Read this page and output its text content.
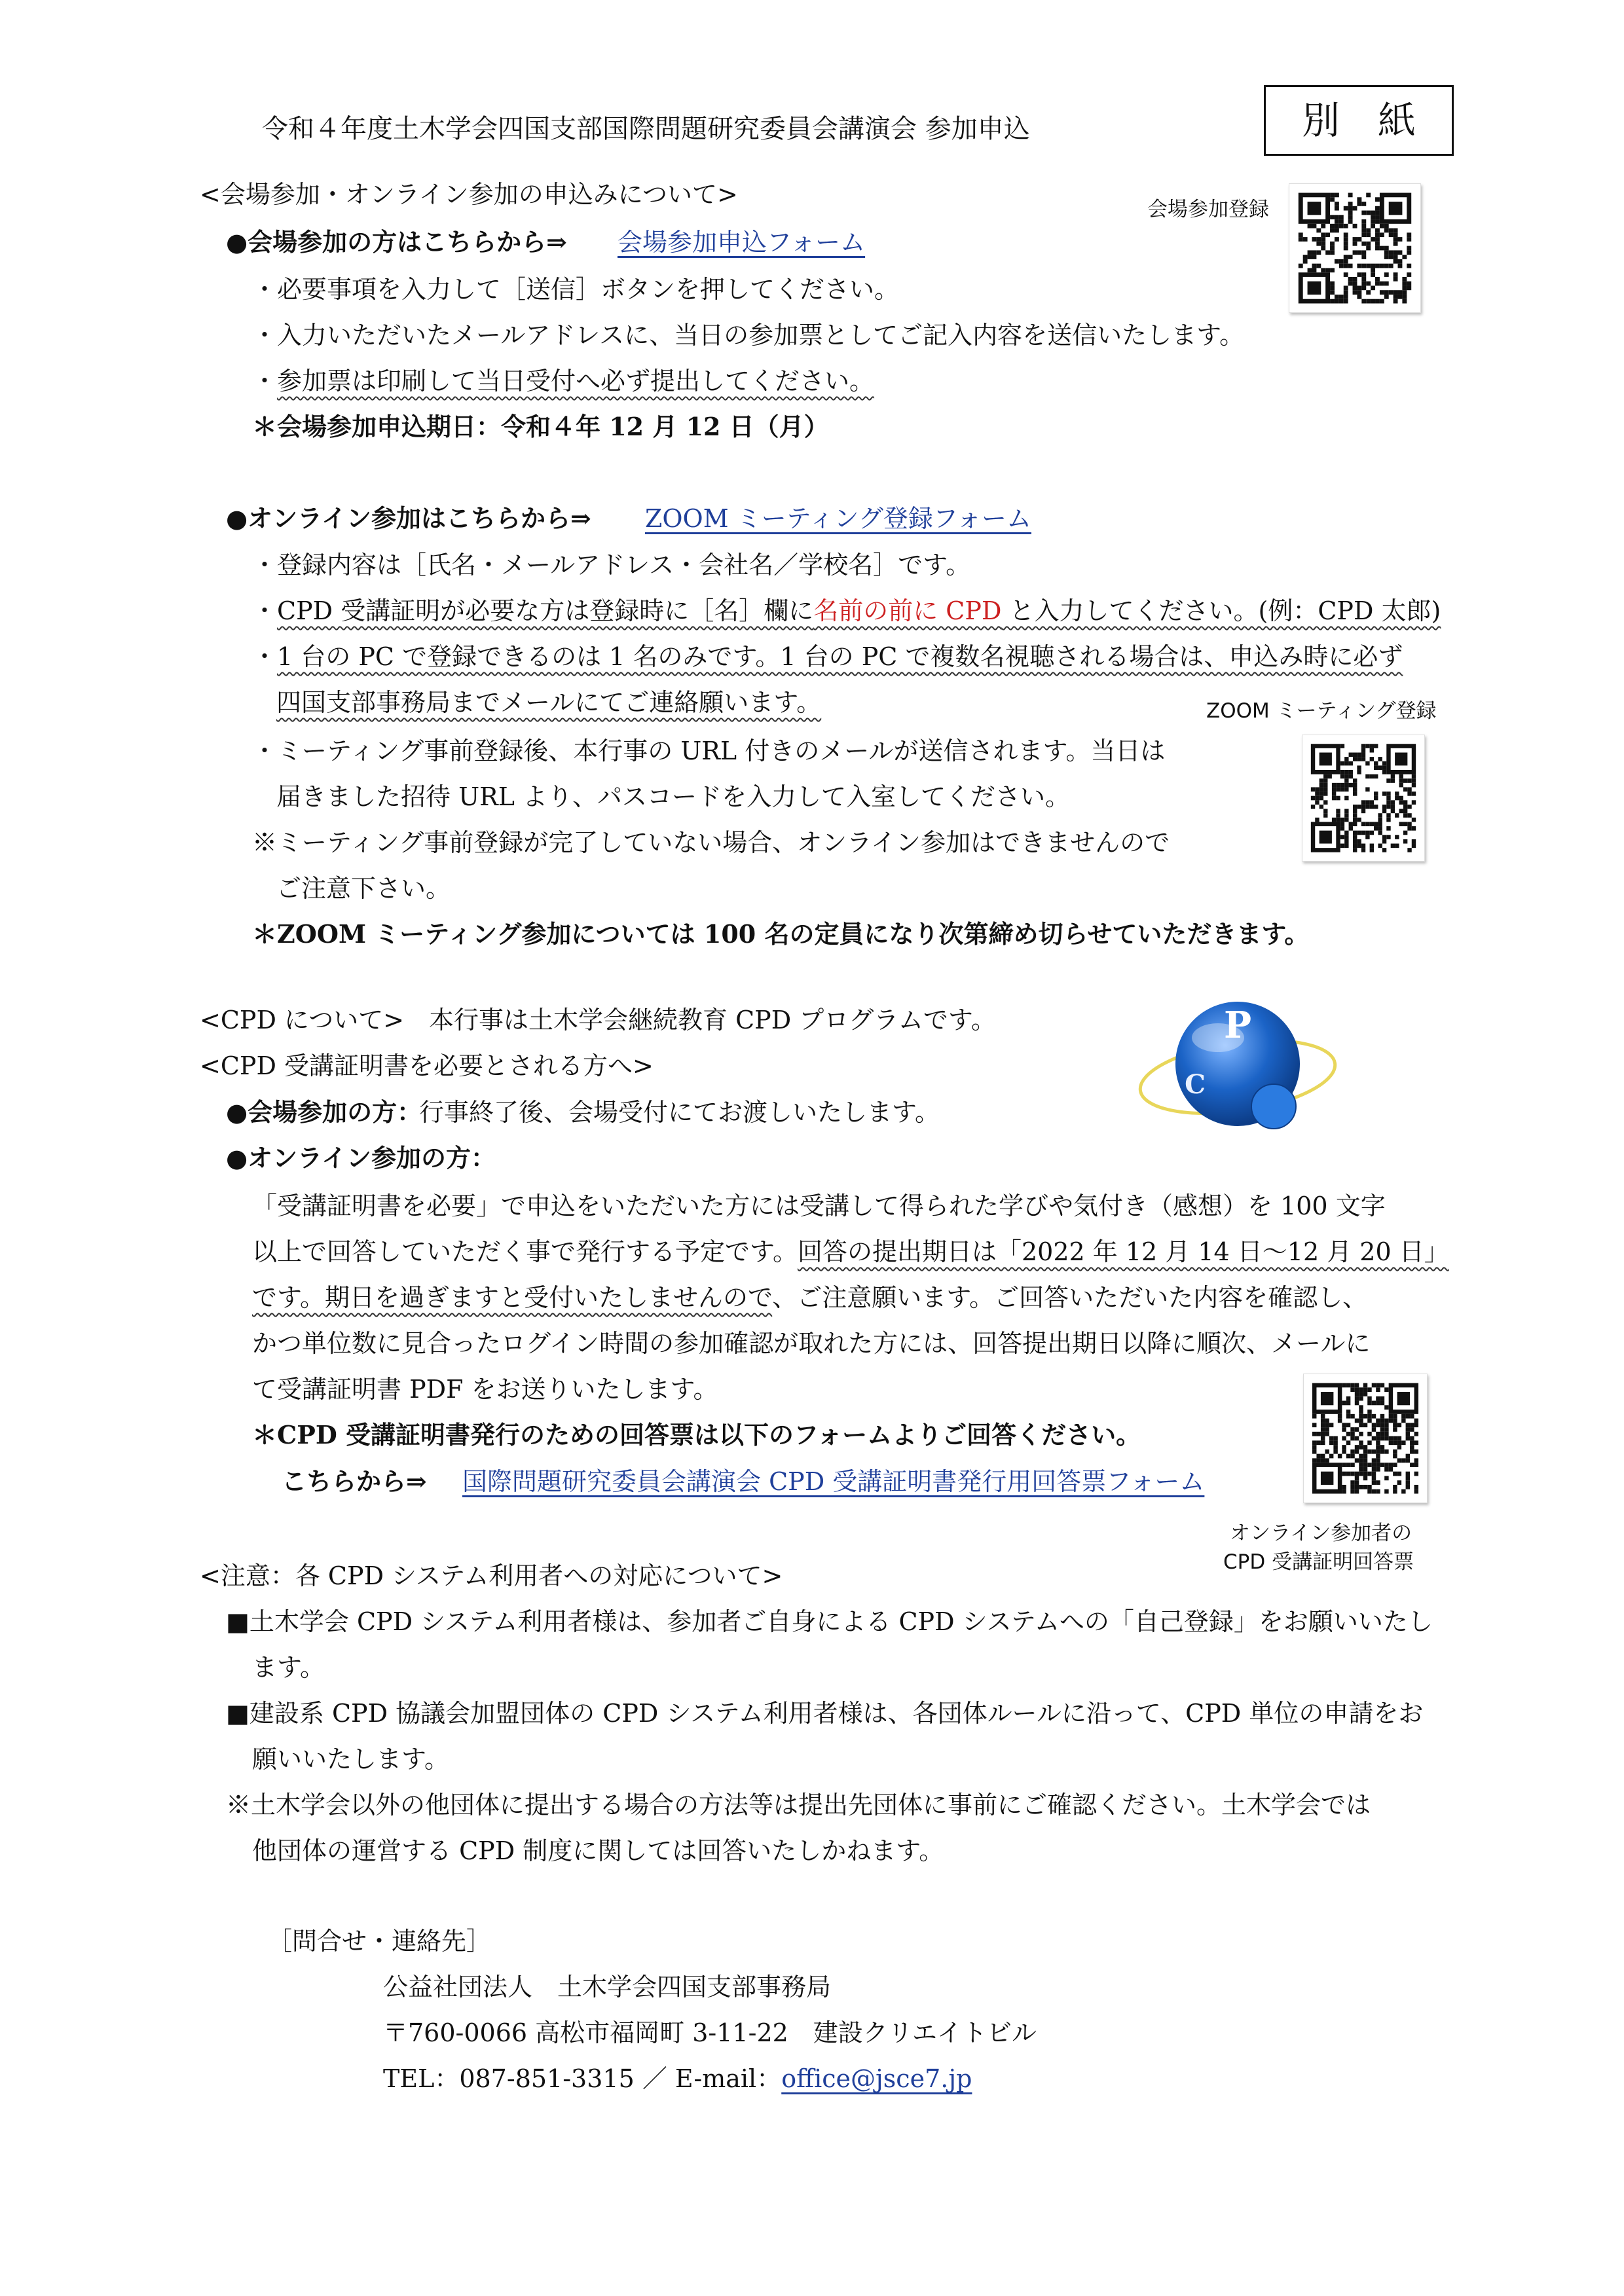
令和４年度土木学会四国支部国際問題研究委員会講演会 参加申込	別　紙
<会場参加・オンライン参加の申込みについて>
会場参加登録
●会場参加の方はこちらから⇒ 会場参加申込フォーム
・必要事項を入力して［送信］ボタンを押してください。
・入力いただいたメールアドレスに、当日の参加票としてご記入内容を送信いたします。
・参加票は印刷して当日受付へ必ず提出してください。
＊会場参加申込期日：令和４年 12 月 12 日（月）
●オンライン参加はこちらから⇒ ZOOM ミーティング登録フォーム
・登録内容は［氏名・メールアドレス・会社名／学校名］です。
・CPD 受講証明が必要な方は登録時に［名］欄に名前の前に CPD と入力してください。(例：CPD 太郎)
・1 台の PC で登録できるのは 1 名のみです。1 台の PC で複数名視聴される場合は、申込み時に必ず
四国支部事務局までメールにてご連絡願います。	ZOOM ミーティング登録
・ミーティング事前登録後、本行事の URL 付きのメールが送信されます。当日は
届きました招待 URL より、パスコードを入力して入室してください。
※ミーティング事前登録が完了していない場合、オンライン参加はできませんので
ご注意下さい。
＊ZOOM ミーティング参加については 100 名の定員になり次第締め切らせていただきます。
<CPD について> 本行事は土木学会継続教育 CPD プログラムです。
<CPD 受講証明書を必要とされる方へ>
P
C
●会場参加の方：
行事終了後、会場受付にてお渡しいたします。
●オンライン参加の方：
「受講証明書を必要」で申込をいただいた方には受講して得られた学びや気付き（感想）を 100 文字
以上で回答していただく事で発行する予定です。回答の提出期日は「2022 年 12 月 14 日～12 月 20 日」
です。期日を過ぎますと受付いたしませんので、ご注意願います。ご回答いただいた内容を確認し、
かつ単位数に見合ったログイン時間の参加確認が取れた方には、回答提出期日以降に順次、メールに
て受講証明書 PDF をお送りいたします。
＊CPD 受講証明書発行のための回答票は以下のフォームよりご回答ください。
こちらから⇒ 国際問題研究委員会講演会 CPD 受講証明書発行用回答票フォーム
オンライン参加者の
CPD 受講証明回答票
<注意：各 CPD システム利用者への対応について>
■土木学会 CPD システム利用者様は、参加者ご自身による CPD システムへの「自己登録」をお願いいたし
ます。
■建設系 CPD 協議会加盟団体の CPD システム利用者様は、各団体ルールに沿って、CPD 単位の申請をお
願いいたします。
※土木学会以外の他団体に提出する場合の方法等は提出先団体に事前にご確認ください。土木学会では
他団体の運営する CPD 制度に関しては回答いたしかねます。
［問合せ・連絡先］
公益社団法人　土木学会四国支部事務局
〒760-0066 高松市福岡町 3-11-22　建設クリエイトビル
TEL：087-851-3315 ／ E-mail：office@jsce7.jp
